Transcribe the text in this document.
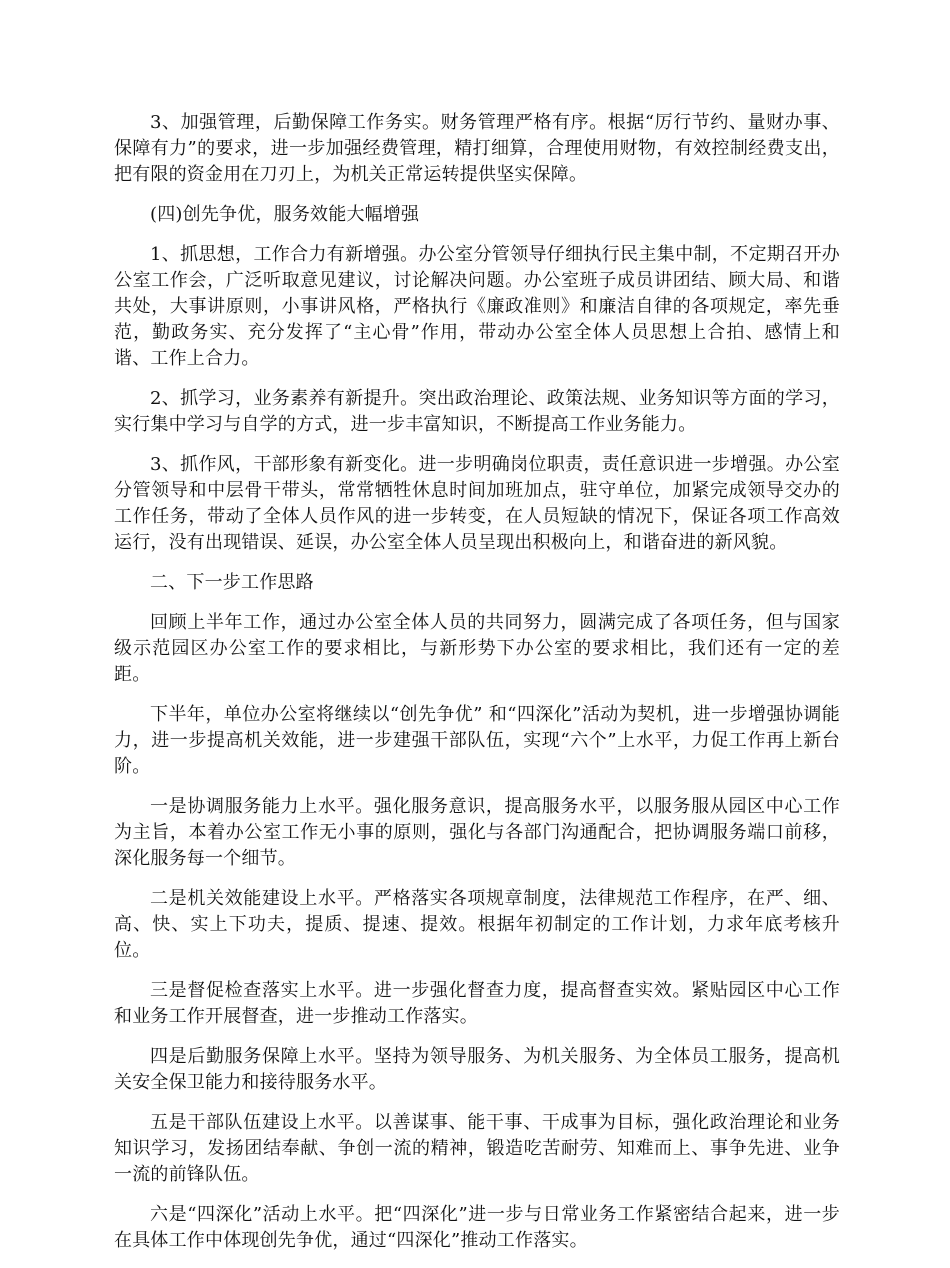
3、加强管理，后勤保障工作务实。财务管理严格有序。根据“厉行节约、量财办事、保障有力”的要求，进一步加强经费管理，精打细算，合理使用财物，有效控制经费支出，把有限的资金用在刀刃上，为机关正常运转提供坚实保障。

(四)创先争优，服务效能大幅增强

1、抓思想，工作合力有新增强。办公室分管领导仔细执行民主集中制，不定期召开办公室工作会，广泛听取意见建议，讨论解决问题。办公室班子成员讲团结、顾大局、和谐共处，大事讲原则，小事讲风格，严格执行《廉政准则》和廉洁自律的各项规定，率先垂范，勤政务实、充分发挥了“主心骨”作用，带动办公室全体人员思想上合拍、感情上和谐、工作上合力。

2、抓学习，业务素养有新提升。突出政治理论、政策法规、业务知识等方面的学习，实行集中学习与自学的方式，进一步丰富知识，不断提高工作业务能力。

3、抓作风，干部形象有新变化。进一步明确岗位职责，责任意识进一步增强。办公室分管领导和中层骨干带头，常常牺牲休息时间加班加点，驻守单位，加紧完成领导交办的工作任务，带动了全体人员作风的进一步转变，在人员短缺的情况下，保证各项工作高效运行，没有出现错误、延误，办公室全体人员呈现出积极向上，和谐奋进的新风貌。

二、下一步工作思路

回顾上半年工作，通过办公室全体人员的共同努力，圆满完成了各项任务，但与国家级示范园区办公室工作的要求相比，与新形势下办公室的要求相比，我们还有一定的差距。

下半年，单位办公室将继续以“创先争优” 和“四深化”活动为契机，进一步增强协调能力，进一步提高机关效能，进一步建强干部队伍，实现“六个”上水平，力促工作再上新台阶。

一是协调服务能力上水平。强化服务意识，提高服务水平，以服务服从园区中心工作为主旨，本着办公室工作无小事的原则，强化与各部门沟通配合，把协调服务端口前移，深化服务每一个细节。

二是机关效能建设上水平。严格落实各项规章制度，法律规范工作程序，在严、细、高、快、实上下功夫，提质、提速、提效。根据年初制定的工作计划，力求年底考核升位。

三是督促检查落实上水平。进一步强化督查力度，提高督查实效。紧贴园区中心工作和业务工作开展督查，进一步推动工作落实。

四是后勤服务保障上水平。坚持为领导服务、为机关服务、为全体员工服务，提高机关安全保卫能力和接待服务水平。

五是干部队伍建设上水平。以善谋事、能干事、干成事为目标，强化政治理论和业务知识学习，发扬团结奉献、争创一流的精神，锻造吃苦耐劳、知难而上、事争先进、业争一流的前锋队伍。

六是“四深化”活动上水平。把“四深化”进一步与日常业务工作紧密结合起来，进一步在具体工作中体现创先争优，通过“四深化”推动工作落实。
